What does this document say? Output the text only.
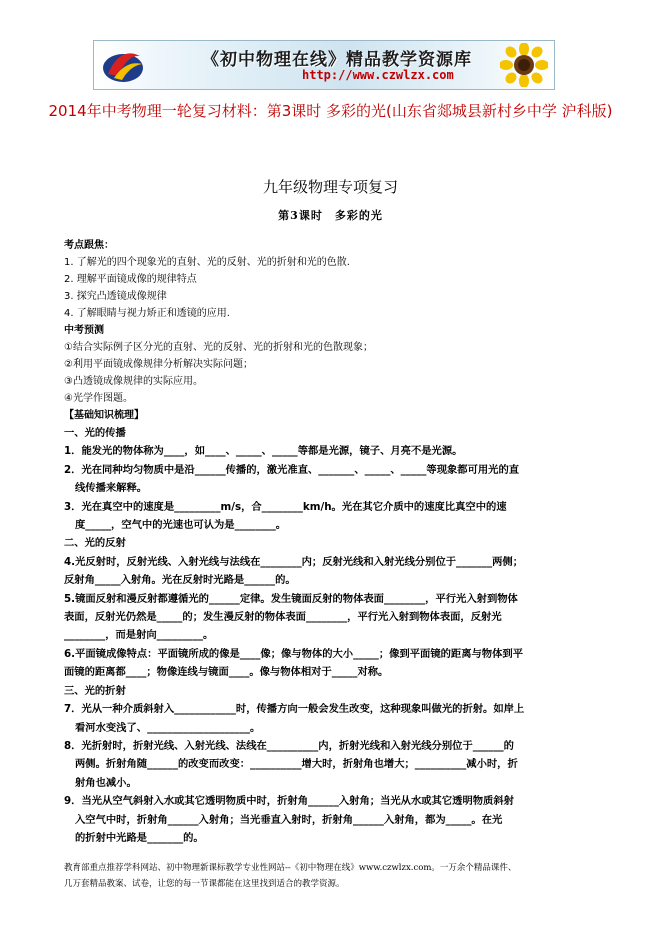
《初中物理在线》精品教学资源库
http://www.czwlzx.com

2014年中考物理一轮复习材料：第3课时 多彩的光(山东省郯城县新村乡中学 沪科版)

九年级物理专项复习
第3课时　多彩的光

考点跟焦：

1. 了解光的四个现象光的直射、光的反射、光的折射和光的色散.

2. 理解平面镜成像的规律特点

3. 探究凸透镜成像规律

4. 了解眼睛与视力矫正和透镜的应用.

中考预测

①结合实际例子区分光的直射、光的反射、光的折射和光的色散现象；

②利用平面镜成像规律分析解决实际问题；

③凸透镜成像规律的实际应用。

④光学作图题。

【基础知识梳理】

一、光的传播

1．能发光的物体称为____，如____、_____、_____等都是光源，镜子、月亮不是光源。

2．光在同种均匀物质中是沿______传播的，激光准直、_______、_____、_____等现象都可用光的直

线传播来解释。

3．光在真空中的速度是_________m/s，合________km/h。光在其它介质中的速度比真空中的速

度_____，空气中的光速也可认为是________。

二、光的反射

4.光反射时，反射光线、入射光线与法线在________内；反射光线和入射光线分别位于_______两侧；

反射角_____入射角。光在反射时光路是______的。

5.镜面反射和漫反射都遵循光的______定律。发生镜面反射的物体表面________，平行光入射到物体

表面，反射光仍然是_____的；发生漫反射的物体表面________，平行光入射到物体表面，反射光

________，而是射向_________。

6.平面镜成像特点：平面镜所成的像是____像；像与物体的大小_____；像到平面镜的距离与物体到平

面镜的距离都____；物像连线与镜面____。像与物体相对于_____对称。

三、光的折射

7．光从一种介质斜射入____________时，传播方向一般会发生改变，这种现象叫做光的折射。如岸上

看河水变浅了、____________________。

8．光折射时，折射光线、入射光线、法线在__________内，折射光线和入射光线分别位于______的

两侧。折射角随______的改变而改变：__________增大时，折射角也增大；__________减小时，折

射角也减小。

9．当光从空气斜射入水或其它透明物质中时，折射角______入射角；当光从水或其它透明物质斜射

入空气中时，折射角______入射角；当光垂直入射时，折射角______入射角，都为_____。在光

的折射中光路是_______的。

教育部重点推荐学科网站、初中物理新课标教学专业性网站--《初中物理在线》www.czwlzx.com。一万余个精品课件、

几万套精品教案、试卷，让您的每一节课都能在这里找到适合的教学资源。
